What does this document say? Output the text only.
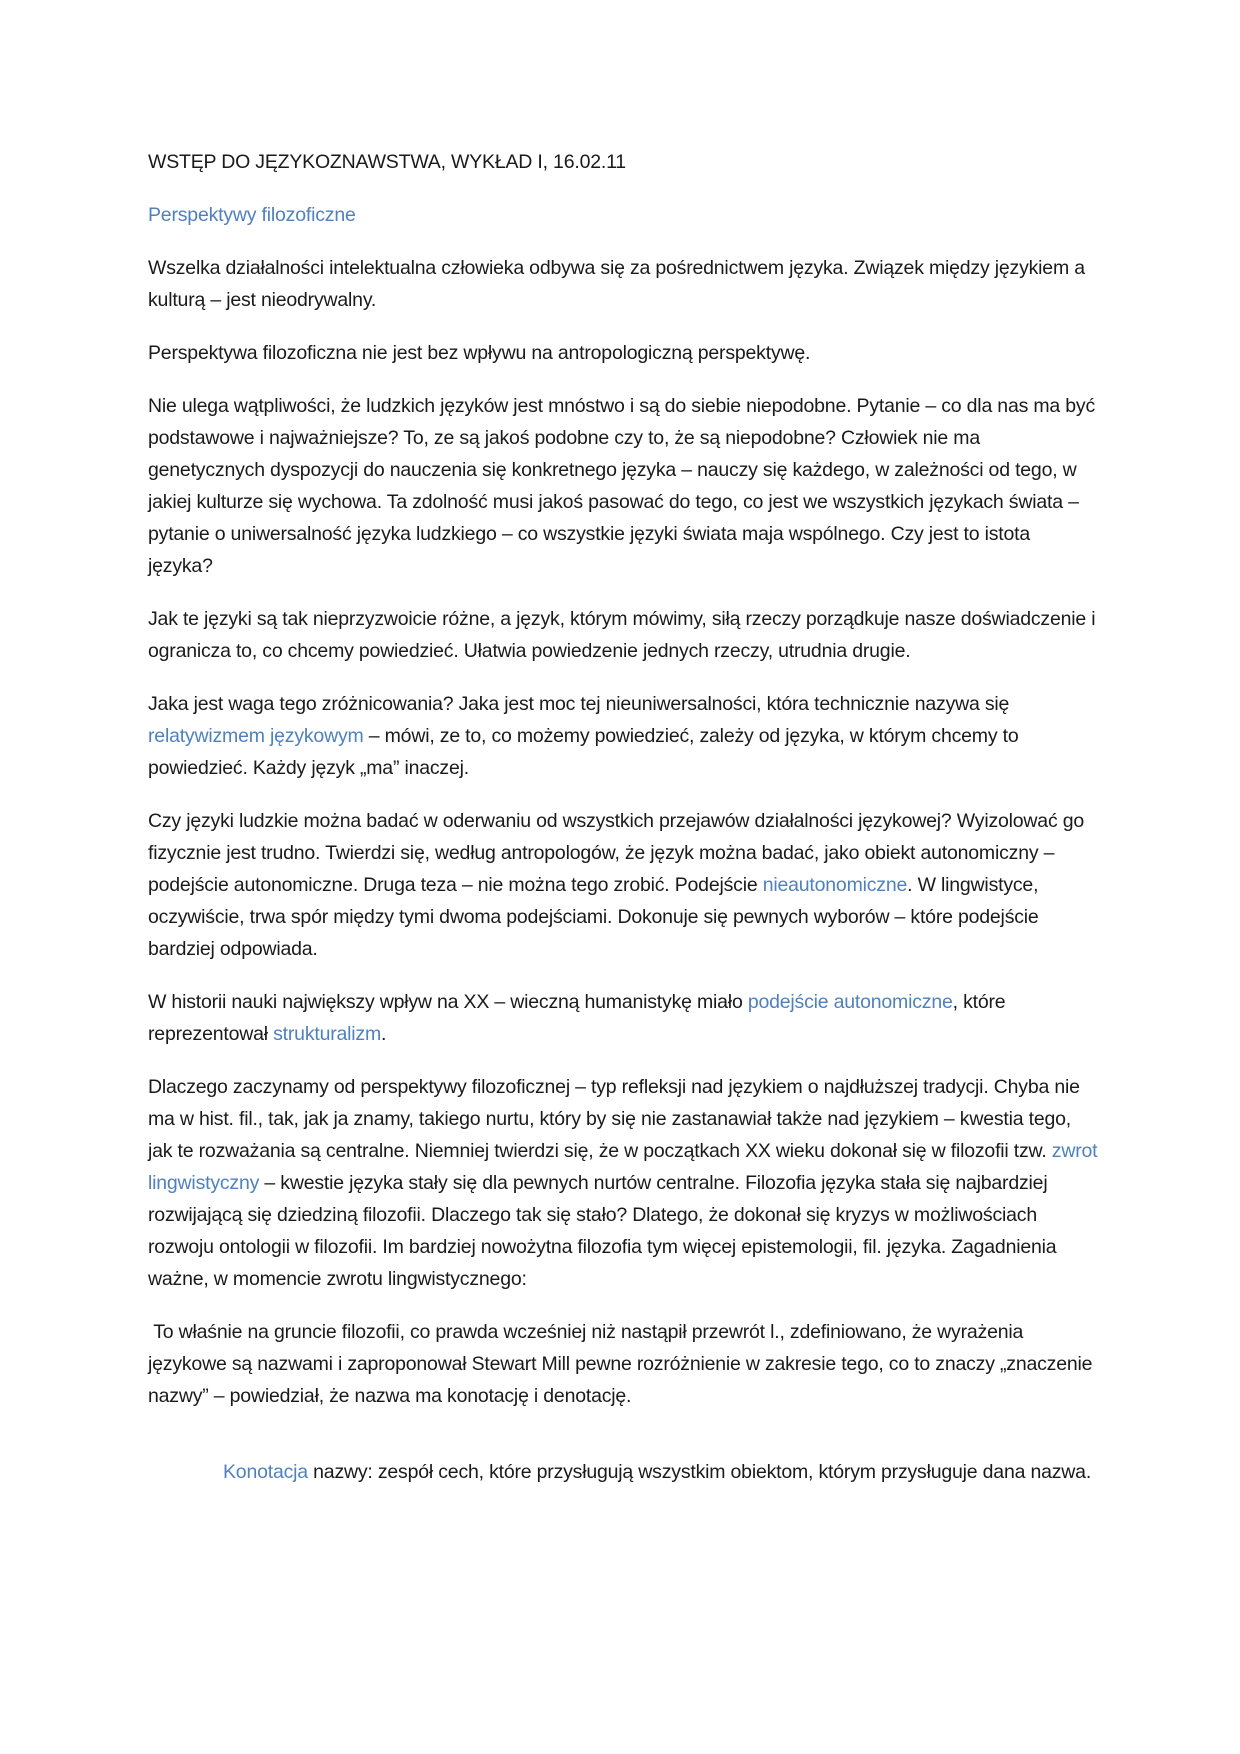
WSTĘP DO JĘZYKOZNAWSTWA, WYKŁAD I, 16.02.11

Perspektywy filozoficzne

Wszelka działalności intelektualna człowieka odbywa się za pośrednictwem języka. Związek między językiem a kulturą – jest nieodrywalny.

Perspektywa filozoficzna nie jest bez wpływu na antropologiczną perspektywę.

Nie ulega wątpliwości, że ludzkich języków jest mnóstwo i są do siebie niepodobne. Pytanie – co dla nas ma być podstawowe i najważniejsze? To, ze są jakoś podobne czy to, że są niepodobne? Człowiek nie ma genetycznych dyspozycji do nauczenia się konkretnego języka – nauczy się każdego, w zależności od tego, w jakiej kulturze się wychowa. Ta zdolność musi jakoś pasować do tego, co jest we wszystkich językach świata – pytanie o uniwersalność języka ludzkiego – co wszystkie języki świata maja wspólnego. Czy jest to istota języka?

Jak te języki są tak nieprzyzwoicie różne, a język, którym mówimy, siłą rzeczy porządkuje nasze doświadczenie i ogranicza to, co chcemy powiedzieć. Ułatwia powiedzenie jednych rzeczy, utrudnia drugie.

Jaka jest waga tego zróżnicowania? Jaka jest moc tej nieuniwersalności, która technicznie nazywa się relatywizmem językowym – mówi, ze to, co możemy powiedzieć, zależy od języka, w którym chcemy to powiedzieć. Każdy język „ma” inaczej.

Czy języki ludzkie można badać w oderwaniu od wszystkich przejawów działalności językowej? Wyizolować go fizycznie jest trudno. Twierdzi się, według antropologów, że język można badać, jako obiekt autonomiczny – podejście autonomiczne. Druga teza – nie można tego zrobić. Podejście nieautonomiczne. W lingwistyce, oczywiście, trwa spór między tymi dwoma podejściami. Dokonuje się pewnych wyborów – które podejście bardziej odpowiada.

W historii nauki największy wpływ na XX – wieczną humanistykę miało podejście autonomiczne, które reprezentował strukturalizm.

Dlaczego zaczynamy od perspektywy filozoficznej – typ refleksji nad językiem o najdłuższej tradycji. Chyba nie ma w hist. fil., tak, jak ja znamy, takiego nurtu, który by się nie zastanawiał także nad językiem – kwestia tego, jak te rozważania są centralne. Niemniej twierdzi się, że w początkach XX wieku dokonał się w filozofii tzw. zwrot lingwistyczny – kwestie języka stały się dla pewnych nurtów centralne. Filozofia języka stała się najbardziej rozwijającą się dziedziną filozofii. Dlaczego tak się stało? Dlatego, że dokonał się kryzys w możliwościach rozwoju ontologii w filozofii. Im bardziej nowożytna filozofia tym więcej epistemologii, fil. języka. Zagadnienia ważne, w momencie zwrotu lingwistycznego:

To właśnie na gruncie filozofii, co prawda wcześniej niż nastąpił przewrót l., zdefiniowano, że wyrażenia językowe są nazwami i zaproponował Stewart Mill pewne rozróżnienie w zakresie tego, co to znaczy „znaczenie nazwy” – powiedział, że nazwa ma konotację i denotację.

Konotacja nazwy: zespół cech, które przysługują wszystkim obiektom, którym przysługuje dana nazwa.
